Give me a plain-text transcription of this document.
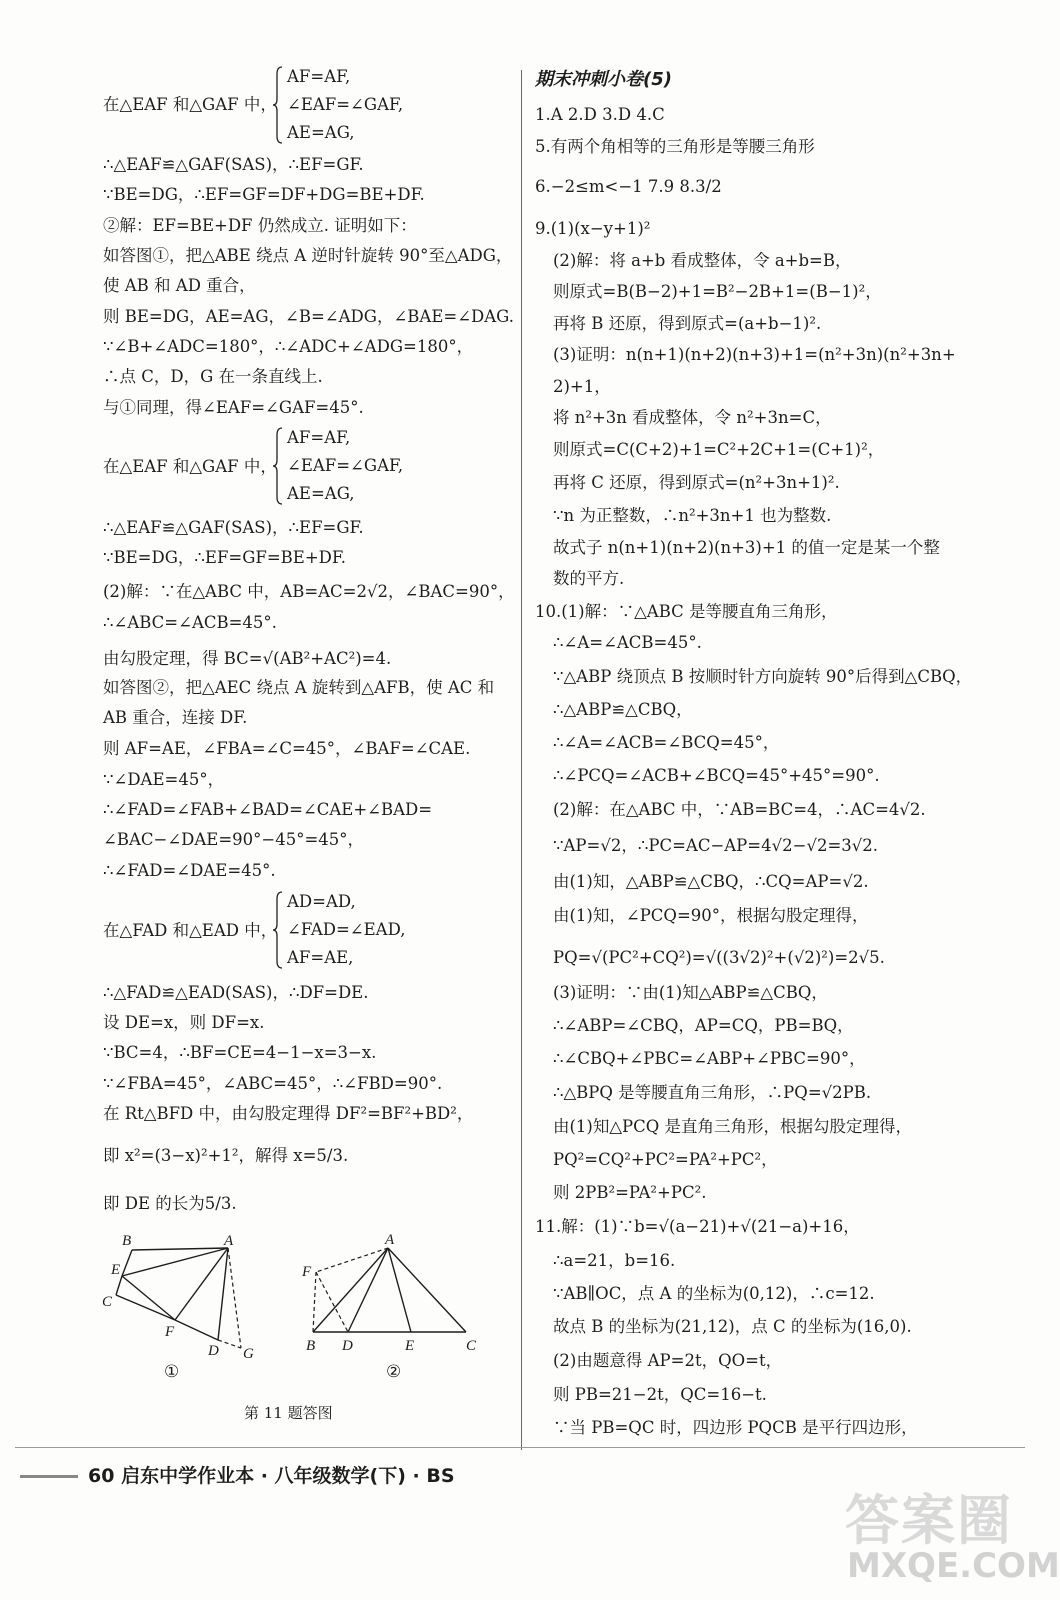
AF=AF,
∠EAF=∠GAF,
AE=AG,
在△EAF 和△GAF 中，
∴△EAF≌△GAF(SAS)，∴EF=GF.
∵BE=DG，∴EF=GF=DF+DG=BE+DF.
②解：EF=BE+DF 仍然成立. 证明如下：
如答图①，把△ABE 绕点 A 逆时针旋转 90°至△ADG，
使 AB 和 AD 重合，
则 BE=DG，AE=AG，∠B=∠ADG，∠BAE=∠DAG.
∵∠B+∠ADC=180°，∴∠ADC+∠ADG=180°，
∴点 C，D，G 在一条直线上.
与①同理，得∠EAF=∠GAF=45°.
AF=AF,
∠EAF=∠GAF,
AE=AG,
在△EAF 和△GAF 中，
∴△EAF≌△GAF(SAS)，∴EF=GF.
∵BE=DG，∴EF=GF=BE+DF.
(2)解：∵在△ABC 中，AB=AC=2√2，∠BAC=90°，
∴∠ABC=∠ACB=45°.
由勾股定理，得 BC=√(AB²+AC²)=4.
如答图②，把△AEC 绕点 A 旋转到△AFB，使 AC 和
AB 重合，连接 DF.
则 AF=AE，∠FBA=∠C=45°，∠BAF=∠CAE.
∵∠DAE=45°，
∴∠FAD=∠FAB+∠BAD=∠CAE+∠BAD=
∠BAC−∠DAE=90°−45°=45°，
∴∠FAD=∠DAE=45°.
AD=AD,
∠FAD=∠EAD,
AF=AE,
在△FAD 和△EAD 中，
∴△FAD≌△EAD(SAS)，∴DF=DE.
设 DE=x，则 DF=x.
∵BC=4，∴BF=CE=4−1−x=3−x.
∵∠FBA=45°，∠ABC=45°，∴∠FBD=90°.
在 Rt△BFD 中，由勾股定理得 DF²=BF²+BD²，
即 x²=(3−x)²+1²，解得 x=5/3.
即 DE 的长为5/3.
B	A
E
C
F
D G
①
A
F
B D	E	C
②
第 11 题答图
期末冲刺小卷(5)
1.A 2.D 3.D 4.C
5.有两个角相等的三角形是等腰三角形
6.−2≤m<−1 7.9 8.3/2
9.(1)(x−y+1)²
(2)解：将 a+b 看成整体，令 a+b=B，
则原式=B(B−2)+1=B²−2B+1=(B−1)²，
再将 B 还原，得到原式=(a+b−1)².
(3)证明：n(n+1)(n+2)(n+3)+1=(n²+3n)(n²+3n+
2)+1，
将 n²+3n 看成整体，令 n²+3n=C，
则原式=C(C+2)+1=C²+2C+1=(C+1)²，
再将 C 还原，得到原式=(n²+3n+1)².
∵n 为正整数，∴n²+3n+1 也为整数.
故式子 n(n+1)(n+2)(n+3)+1 的值一定是某一个整
数的平方.
10.(1)解：∵△ABC 是等腰直角三角形，
∴∠A=∠ACB=45°.
∵△ABP 绕顶点 B 按顺时针方向旋转 90°后得到△CBQ，
∴△ABP≌△CBQ，
∴∠A=∠ACB=∠BCQ=45°，
∴∠PCQ=∠ACB+∠BCQ=45°+45°=90°.
(2)解：在△ABC 中，∵AB=BC=4，∴AC=4√2.
∵AP=√2，∴PC=AC−AP=4√2−√2=3√2.
由(1)知，△ABP≌△CBQ，∴CQ=AP=√2.
由(1)知，∠PCQ=90°，根据勾股定理得，
PQ=√(PC²+CQ²)=√((3√2)²+(√2)²)=2√5.
(3)证明：∵由(1)知△ABP≌△CBQ，
∴∠ABP=∠CBQ，AP=CQ，PB=BQ，
∴∠CBQ+∠PBC=∠ABP+∠PBC=90°，
∴△BPQ 是等腰直角三角形，∴PQ=√2PB.
由(1)知△PCQ 是直角三角形，根据勾股定理得，
PQ²=CQ²+PC²=PA²+PC²，
则 2PB²=PA²+PC².
11.解：(1)∵b=√(a−21)+√(21−a)+16，
∴a=21，b=16.
∵AB∥OC，点 A 的坐标为(0,12)，∴c=12.
故点 B 的坐标为(21,12)，点 C 的坐标为(16,0).
(2)由题意得 AP=2t，QO=t，
则 PB=21−2t，QC=16−t.
∵当 PB=QC 时，四边形 PQCB 是平行四边形，
60 启东中学作业本 · 八年级数学(下) · BS
答案圈
MXQE.COM
